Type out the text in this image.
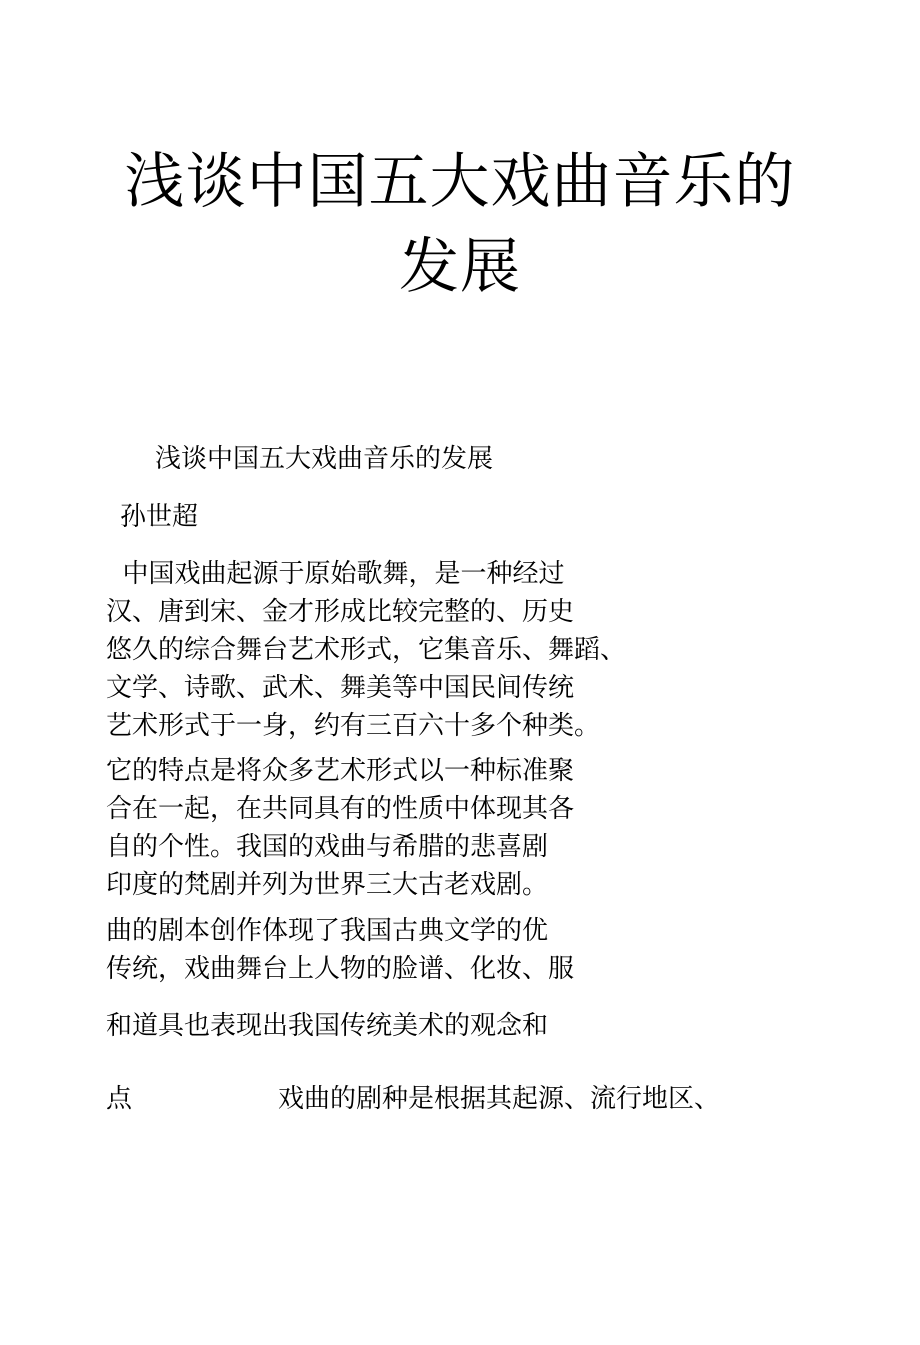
浅谈中国五大戏曲音乐的
发展
浅谈中国五大戏曲音乐的发展
孙世超
中国戏曲起源于原始歌舞，是一种经过
汉、唐到宋、金才形成比较完整的、历史
悠久的综合舞台艺术形式，它集音乐、舞蹈、
文学、诗歌、武术、舞美等中国民间传统
艺术形式于一身，约有三百六十多个种类。
它的特点是将众多艺术形式以一种标准聚
合在一起，在共同具有的性质中体现其各
自的个性。我国的戏曲与希腊的悲喜剧
印度的梵剧并列为世界三大古老戏剧。
曲的剧本创作体现了我国古典文学的优
传统，戏曲舞台上人物的脸谱、化妆、服
和道具也表现出我国传统美术的观念和
点	戏曲的剧种是根据其起源、流行地区、
